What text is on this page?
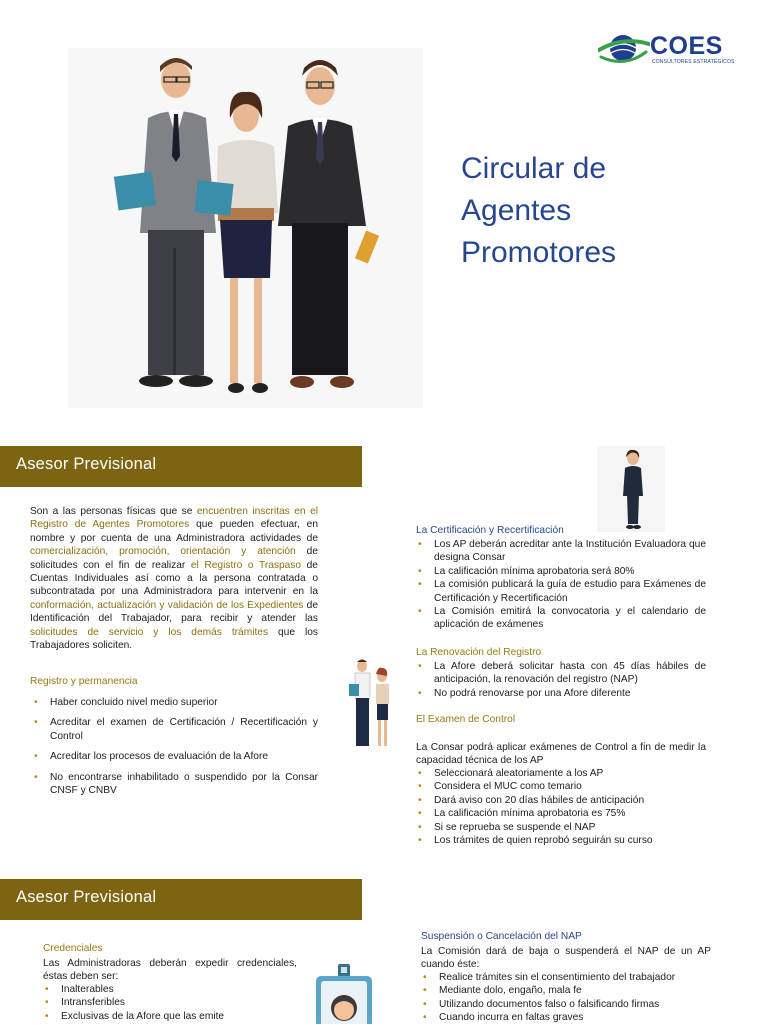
COES
CONSULTORES ESTRATÉGICOS
Circular de
Agentes
Promotores
Asesor Previsional
Son a las personas físicas que se encuentren inscritas en el Registro de Agentes Promotores que pueden efectuar, en nombre y por cuenta de una Administradora actividades de comercialización, promoción, orientación y atención de solicitudes con el fin de realizar el Registro o Traspaso de Cuentas Individuales así como a la persona contratada o subcontratada por una Administradora para intervenir en la conformación, actualización y validación de los Expedientes de Identificación del Trabajador, para recibir y atender las solicitudes de servicio y los demás trámites que los Trabajadores soliciten.
Registro y permanencia
• Haber concluido nivel medio superior
• Acreditar el examen de Certificación / Recertificación y Control
• Acreditar los procesos de evaluación de la Afore
• No encontrarse inhabilitado o suspendido por la Consar CNSF y CNBV
La Certificación y Recertificación
• Los AP deberán acreditar ante la Institución Evaluadora que designa Consar
• La calificación mínima aprobatoria será 80%
• La comisión publicará la guía de estudio para Exámenes de Certificación y Recertificación
• La Comisión emitirá la convocatoria y el calendario de aplicación de exámenes
La Renovación del Registro
• La Afore deberá solicitar hasta con 45 días hábiles de anticipación, la renovación del registro (NAP)
• No podrá renovarse por una Afore diferente
El Examen de Control
La Consar podrá aplicar exámenes de Control a fin de medir la capacidad técnica de los AP
• Seleccionará aleatoriamente a los AP
• Considera el MUC como temario
• Dará aviso con 20 días hábiles de anticipación
• La calificación mínima aprobatoria es 75%
• Si se reprueba se suspende el NAP
• Los trámites de quien reprobó seguirán su curso
Asesor Previsional
Credenciales
Las Administradoras deberán expedir credenciales, éstas deben ser:
• Inalterables
• Intransferibles
• Exclusivas de la Afore que las emite
Suspensión o Cancelación del NAP
La Comisión dará de baja o suspenderá el NAP de un AP cuando éste:
• Realice trámites sin el consentimiento del trabajador
• Mediante dolo, engaño, mala fe
• Utilizando documentos falso o falsificando firmas
• Cuando incurra en faltas graves
